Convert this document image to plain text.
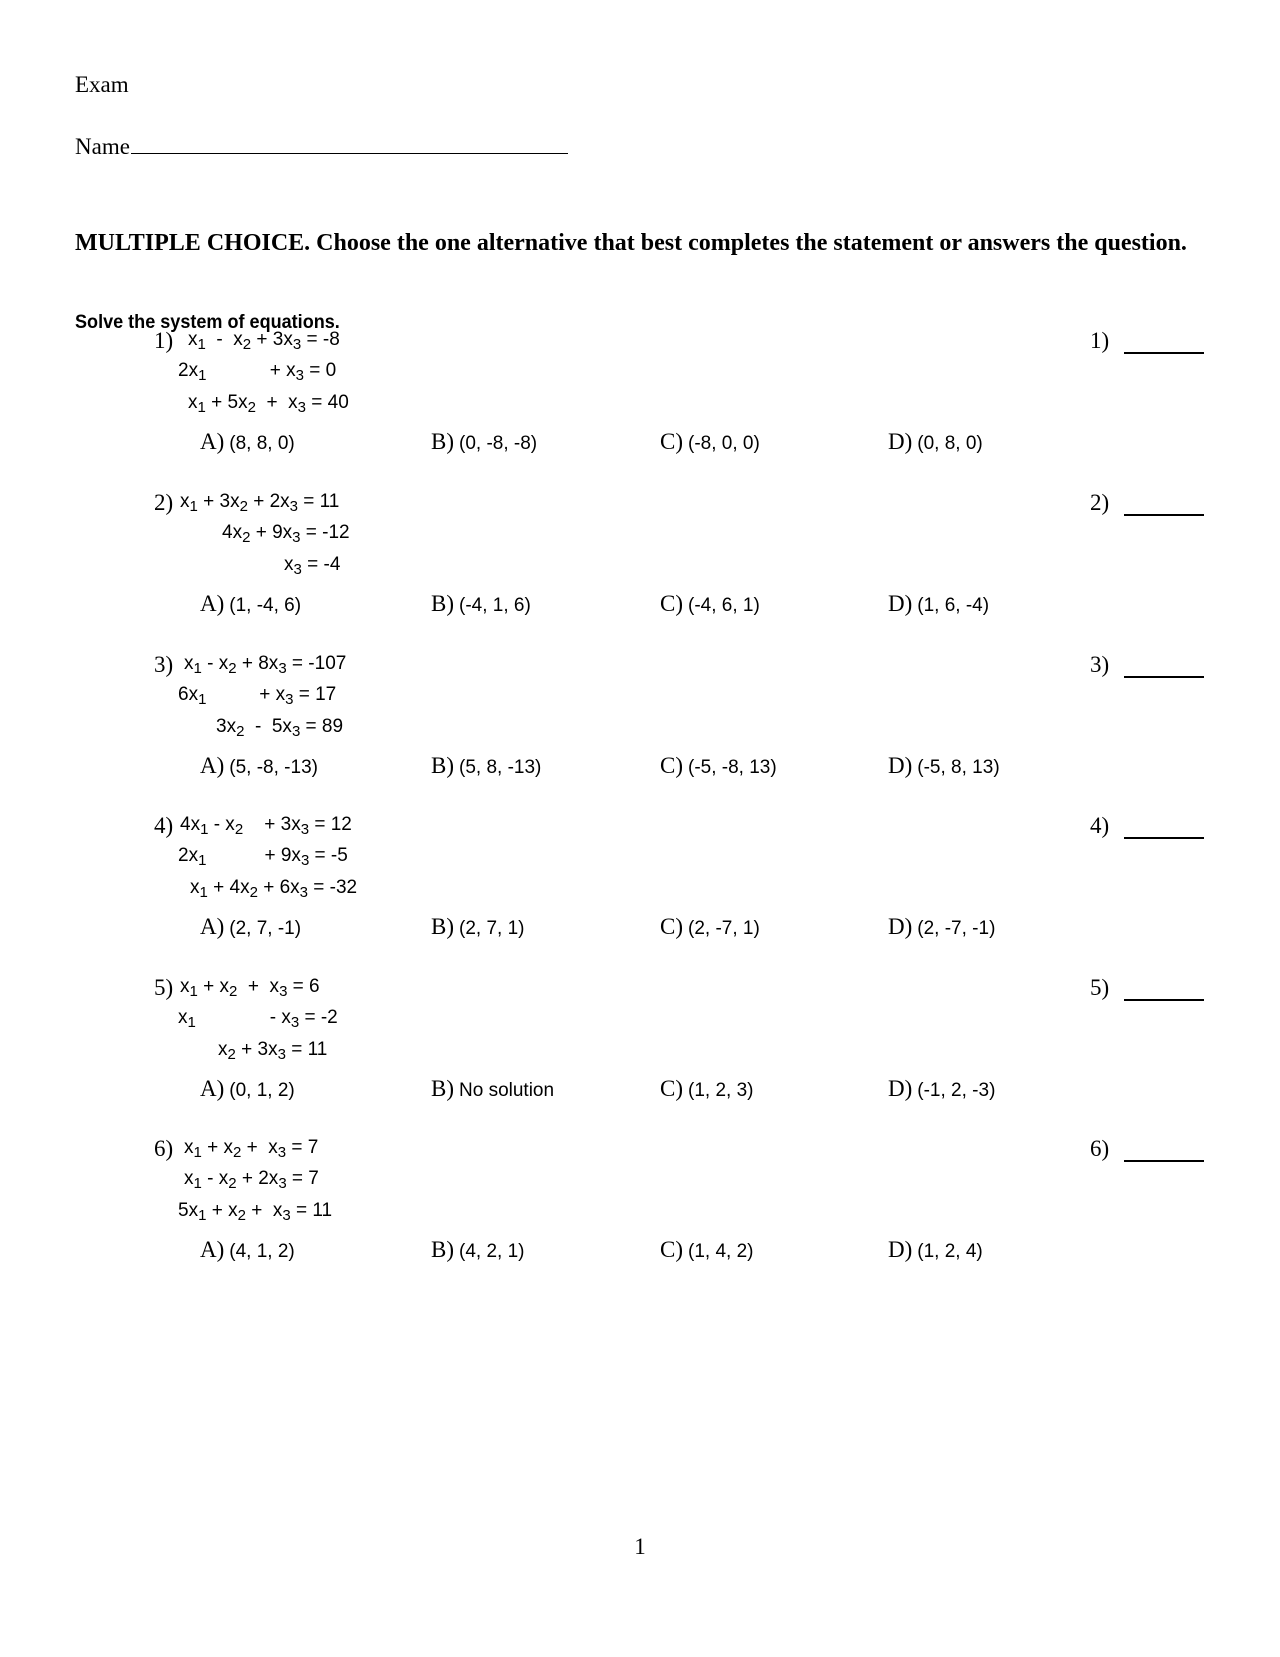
Exam
Name
MULTIPLE CHOICE. Choose the one alternative that best completes the statement or answers the question.
Solve the system of equations.
1) $x_1 - x_2 + 3x_3 = -8$
$2x_1$            + $x_3 = 0$
$x_1 + 5x_2 + x_3 = 40$
A) (8, 8, 0)	B) (0, -8, -8)	C) (-8, 0, 0)	D) (0, 8, 0)
1)
2) $x_1 + 3x_2 + 2x_3 = 11$
$4x_2 + 9x_3 = -12$
$x_3 = -4$
A) (1, -4, 6)	B) (-4, 1, 6)	C) (-4, 6, 1)	D) (1, 6, -4)
2)
3) $x_1 - x_2 + 8x_3 = -107$
$6x_1$          + $x_3 = 17$
$3x_2 - 5x_3 = 89$
A) (5, -8, -13)	B) (5, 8, -13)	C) (-5, -8, 13)	D) (-5, 8, 13)
3)
4) $4x_1 - x_2$    + $3x_3 = 12$
$2x_1$           + $9x_3 = -5$
$x_1 + 4x_2 + 6x_3 = -32$
A) (2, 7, -1)	B) (2, 7, 1)	C) (2, -7, 1)	D) (2, -7, -1)
4)
5) $x_1 + x_2 + x_3 = 6$
$x_1$              - $x_3 = -2$
$x_2 + 3x_3 = 11$
A) (0, 1, 2)	B) No solution	C) (1, 2, 3)	D) (-1, 2, -3)
5)
6) $x_1 + x_2 + x_3 = 7$
$x_1 - x_2 + 2x_3 = 7$
$5x_1 + x_2 + x_3 = 11$
A) (4, 1, 2)	B) (4, 2, 1)	C) (1, 4, 2)	D) (1, 2, 4)
6)
1
